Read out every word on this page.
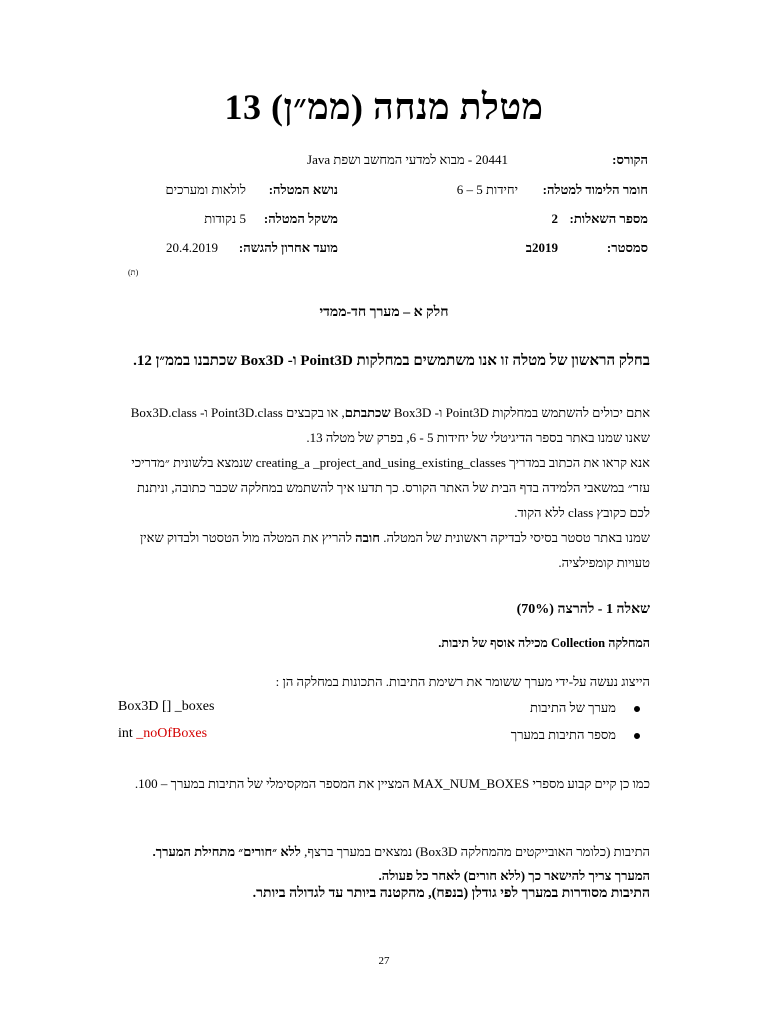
מטלת מנחה (ממ״ן) 13
הקורס:
20441 - מבוא למדעי המחשב ושפת Java
חומר הלימוד למטלה:
יחידות 5 – 6
נושא המטלה:
לולאות ומערכים
מספר השאלות:
2
משקל המטלה:
5 נקודות
סמסטר:
2019ב
מועד אחרון להגשה:
20.4.2019
(ת)
חלק א – מערך חד-ממדי
בחלק הראשון של מטלה זו אנו משתמשים במחלקות Point3D ו- Box3D שכתבנו בממ״ן 12.
אתם יכולים להשתמש במחלקות Point3D ו- Box3D שכתבתם, או בקבצים Point3D.class ו- Box3D.class שאנו שמנו באתר בספר הדיגיטלי של יחידות 5 - 6, בפרק של מטלה 13.
אנא קראו את הכתוב במדריך creating_a _project_and_using_existing_classes שנמצא בלשונית ״מדריכי עזר״ במשאבי הלמידה בדף הבית של האתר הקורס. כך תדעו איך להשתמש במחלקה שכבר כתובה, וניתנת לכם כקובץ class ללא הקוד.
שמנו באתר טסטר בסיסי לבדיקה ראשונית של המטלה. חובה להריץ את המטלה מול הטסטר ולבדוק שאין טעויות קומפילציה.
שאלה 1 - להרצה (70%)
המחלקה Collection מכילה אוסף של תיבות.
הייצוג נעשה על-ידי מערך ששומר את רשימת התיבות. התכונות במחלקה הן :
מערך של התיבות
Box3D [] _boxes
מספר התיבות במערך
int _noOfBoxes
כמו כן קיים קבוע מספרי MAX_NUM_BOXES המציין את המספר המקסימלי של התיבות במערך – 100.
התיבות (כלומר האובייקטים מהמחלקה Box3D) נמצאים במערך ברצף, ללא ״חורים״ מתחילת המערך. המערך צריך להישאר כך (ללא חורים) לאחר כל פעולה.
התיבות מסודרות במערך לפי גודלן (בנפח), מהקטנה ביותר עד לגדולה ביותר.
27
